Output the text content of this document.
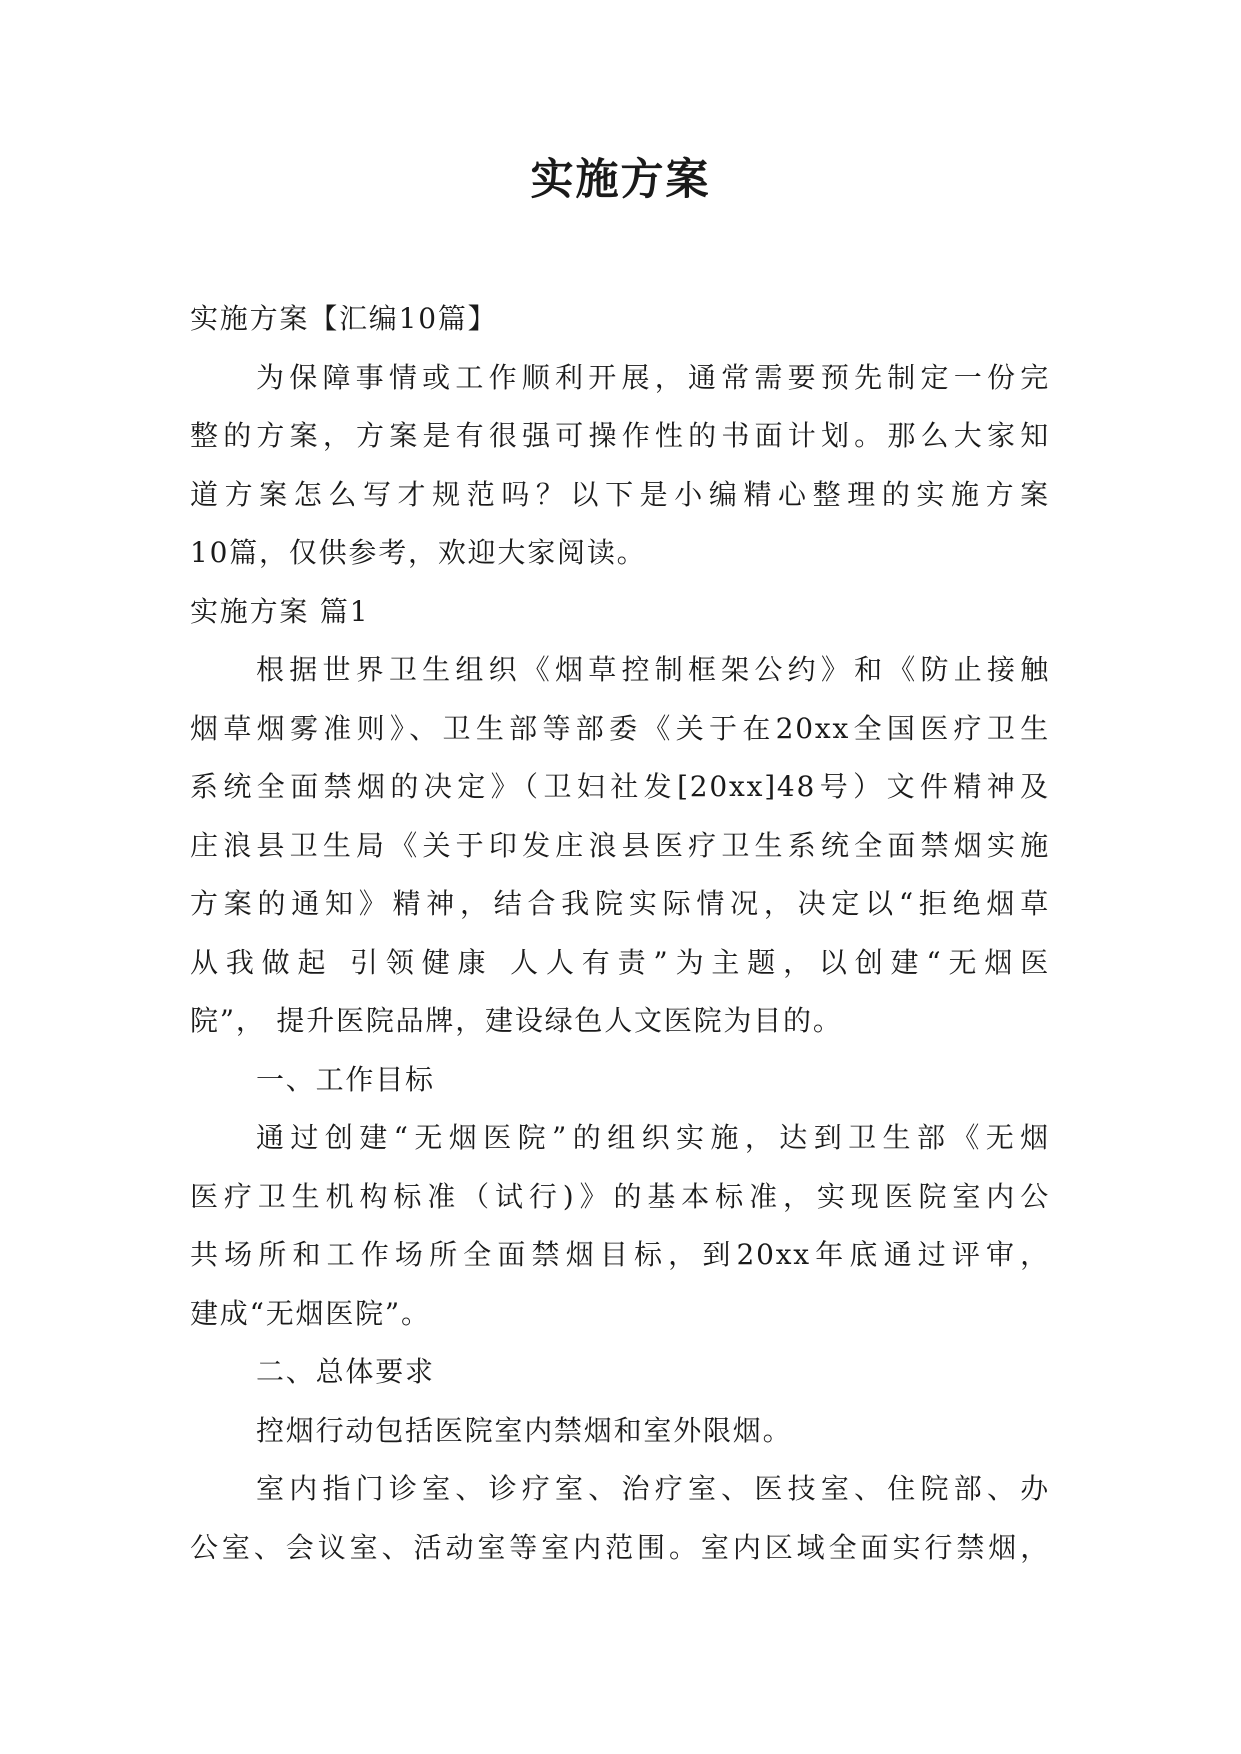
实施方案
实施方案【汇编10篇】
为保障事情或工作顺利开展，通常需要预先制定一份完
整的方案，方案是有很强可操作性的书面计划。那么大家知
道方案怎么写才规范吗？以下是小编精心整理的实施方案
10篇，仅供参考，欢迎大家阅读。
实施方案 篇1
根据世界卫生组织《烟草控制框架公约》和《防止接触
烟草烟雾准则》、卫生部等部委《关于在20xx全国医疗卫生
系统全面禁烟的决定》（卫妇社发[20xx]48号）文件精神及
庄浪县卫生局《关于印发庄浪县医疗卫生系统全面禁烟实施
方案的通知》精神，结合我院实际情况，决定以“拒绝烟草
从我做起 引领健康 人人有责”为主题，以创建“无烟医
院”， 提升医院品牌，建设绿色人文医院为目的。
一、工作目标
通过创建“无烟医院”的组织实施，达到卫生部《无烟
医疗卫生机构标准（试行)》的基本标准，实现医院室内公
共场所和工作场所全面禁烟目标，到20xx年底通过评审，
建成“无烟医院”。
二、总体要求
控烟行动包括医院室内禁烟和室外限烟。
室内指门诊室、诊疗室、治疗室、医技室、住院部、办
公室、会议室、活动室等室内范围。室内区域全面实行禁烟，
